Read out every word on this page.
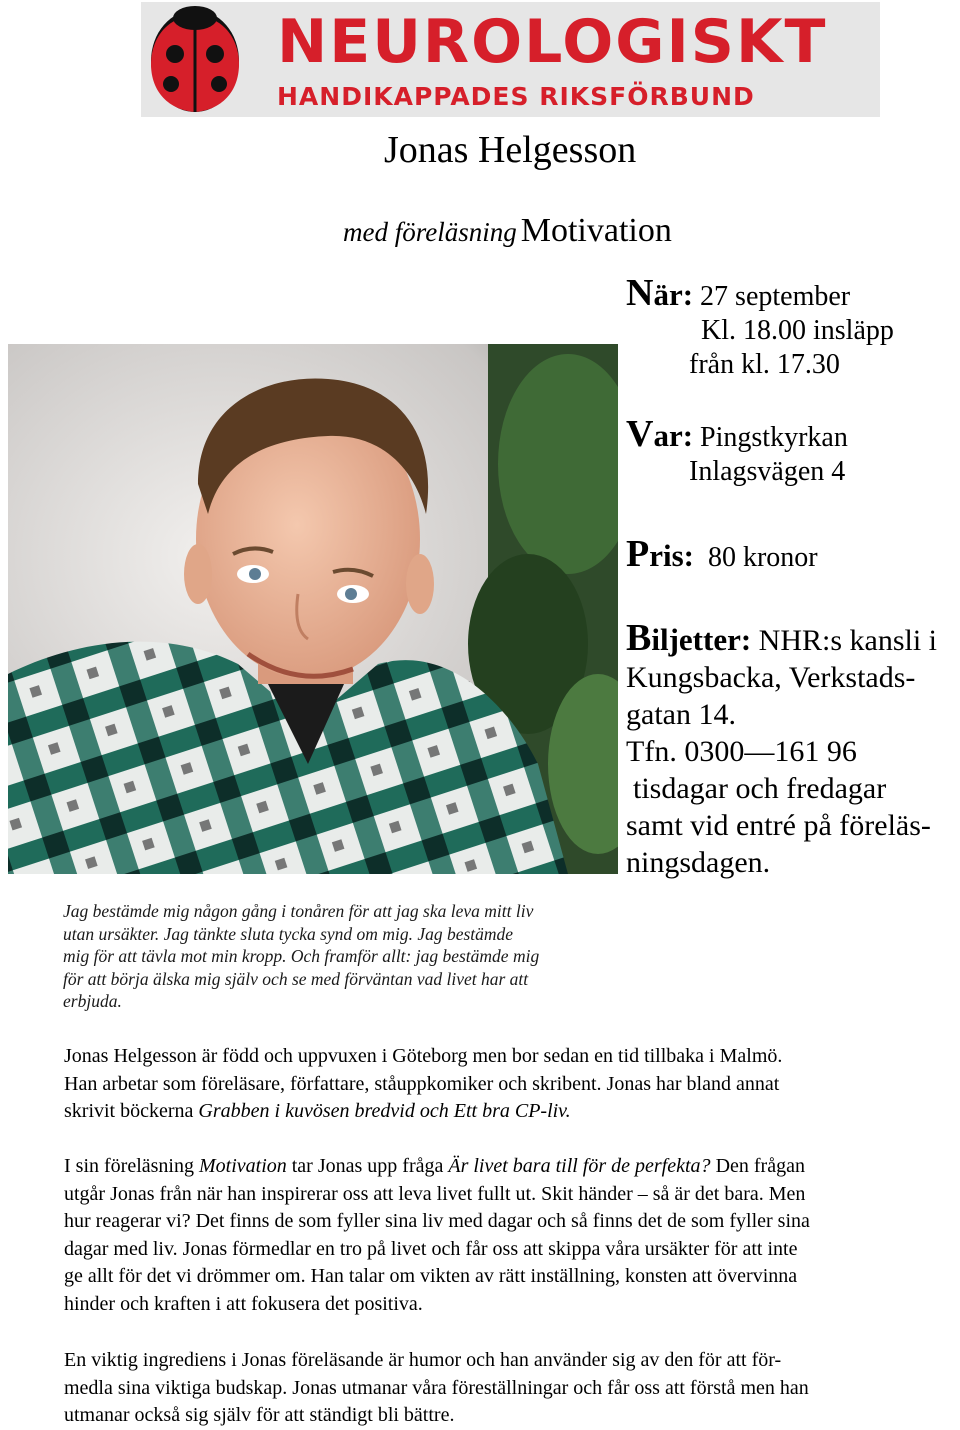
NEUROLOGISKT
HANDIKAPPADES RIKSFÖRBUND
Jonas Helgesson
med föreläsning Motivation
När: 27 september
Kl. 18.00 insläpp
från kl. 17.30
Var: Pingstkyrkan
Inlagsvägen 4
Pris: 80 kronor
Biljetter: NHR:s kansli i
Kungsbacka, Verkstads-
gatan 14.
Tfn. 0300—161 96
tisdagar och fredagar
samt vid entré på föreläs-
ningsdagen.
Jag bestämde mig någon gång i tonåren för att jag ska leva mitt liv
utan ursäkter. Jag tänkte sluta tycka synd om mig. Jag bestämde
mig för att tävla mot min kropp. Och framför allt: jag bestämde mig
för att börja älska mig själv och se med förväntan vad livet har att
erbjuda.
Jonas Helgesson är född och uppvuxen i Göteborg men bor sedan en tid tillbaka i Malmö.
Han arbetar som föreläsare, författare, ståuppkomiker och skribent. Jonas har bland annat
skrivit böckerna Grabben i kuvösen bredvid och Ett bra CP-liv.
I sin föreläsning Motivation tar Jonas upp fråga Är livet bara till för de perfekta? Den frågan
utgår Jonas från när han inspirerar oss att leva livet fullt ut. Skit händer – så är det bara. Men
hur reagerar vi? Det finns de som fyller sina liv med dagar och så finns det de som fyller sina
dagar med liv. Jonas förmedlar en tro på livet och får oss att skippa våra ursäkter för att inte
ge allt för det vi drömmer om. Han talar om vikten av rätt inställning, konsten att övervinna
hinder och kraften i att fokusera det positiva.
En viktig ingrediens i Jonas föreläsande är humor och han använder sig av den för att för-
medla sina viktiga budskap. Jonas utmanar våra föreställningar och får oss att förstå men han
utmanar också sig själv för att ständigt bli bättre.
